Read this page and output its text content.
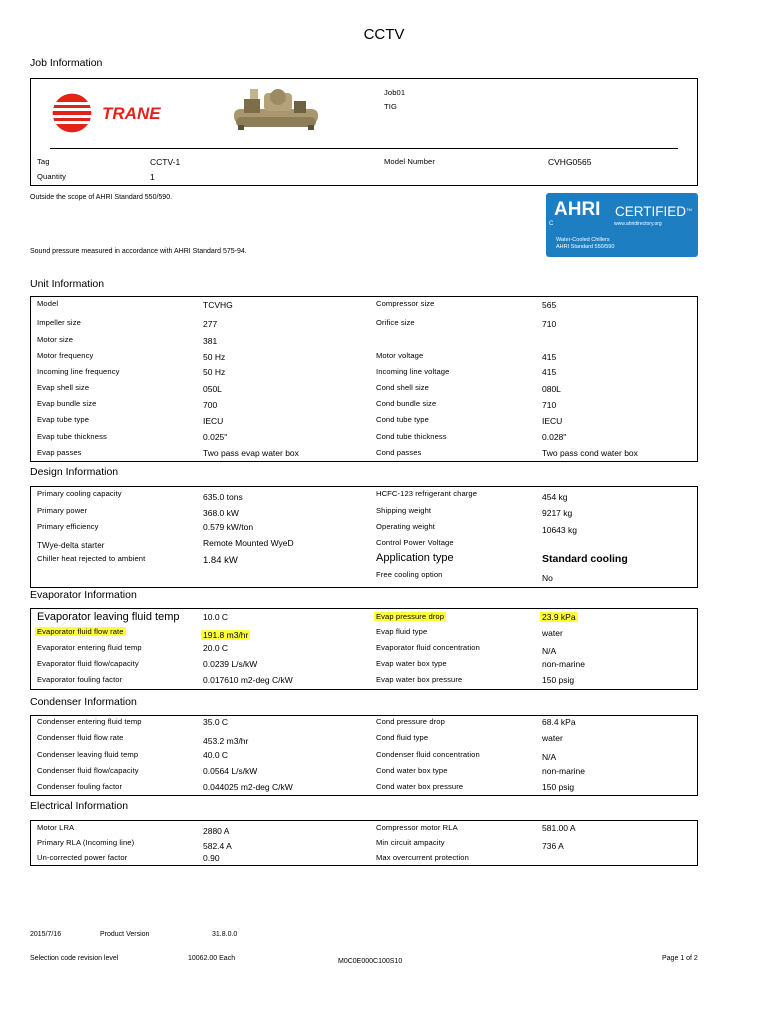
CCTV
Job Information
TRANE
Job01
TIG
Tag	CCTV-1	Model Number	CVHG0565
Quantity	1
Outside the scope of AHRI Standard 550/590.
Sound pressure measured in accordance with AHRI Standard 575-94.
AHRI CERTIFIED TM
www.ahridirectory.org
C
Water-Cooled Chillers
AHRI Standard 550/590
Unit Information
Model	TCVHG	Compressor size	565
Impeller size	277	Orifice size	710
Motor size	381
Motor frequency	50 Hz	Motor voltage	415
Incoming line frequency	50 Hz	Incoming line voltage	415
Evap shell size	050L	Cond shell size	080L
Evap bundle size	700	Cond bundle size	710
Evap tube type	IECU	Cond tube type	IECU
Evap tube thickness	0.025"	Cond tube thickness	0.028"
Evap passes	Two pass evap water box	Cond passes	Two pass cond water box
Design Information
Primary cooling capacity	635.0 tons	HCFC-123 refrigerant charge	454 kg
Primary power	368.0 kW	Shipping weight	9217 kg
Primary efficiency	0.579 kW/ton	Operating weight	10643 kg
TWye-delta starter	Remote Mounted WyeD	Control Power Voltage
Chiller heat rejected to ambient	1.84 kW	Application type	Standard cooling
Free cooling option	No
Evaporator Information
Evaporator leaving fluid temp	10.0 C	Evap pressure drop	23.9 kPa
Evaporator fluid flow rate	191.8 m3/hr	Evap fluid type	water
Evaporator entering fluid temp	20.0 C	Evaporator fluid concentration	N/A
Evaporator fluid flow/capacity	0.0239 L/s/kW	Evap water box type	non-marine
Evaporator fouling factor	0.017610 m2-deg C/kW	Evap water box pressure	150 psig
Condenser Information
Condenser entering fluid temp	35.0 C	Cond pressure drop	68.4 kPa
Condenser fluid flow rate	453.2 m3/hr	Cond fluid type	water
Condenser leaving fluid temp	40.0 C	Condenser fluid concentration	N/A
Condenser fluid flow/capacity	0.0564 L/s/kW	Cond water box type	non-marine
Condenser fouling factor	0.044025 m2-deg C/kW	Cond water box pressure	150 psig
Electrical Information
Motor LRA	2880 A	Compressor motor RLA	581.00 A
Primary RLA (Incoming line)	582.4 A	Min circuit ampacity	736 A
Un-corrected power factor	0.90	Max overcurrent protection
2015/7/16	Product Version	31.8.0.0
Selection code revision level	10062.00 Each	M0C0E000C100S10	Page 1 of 2
